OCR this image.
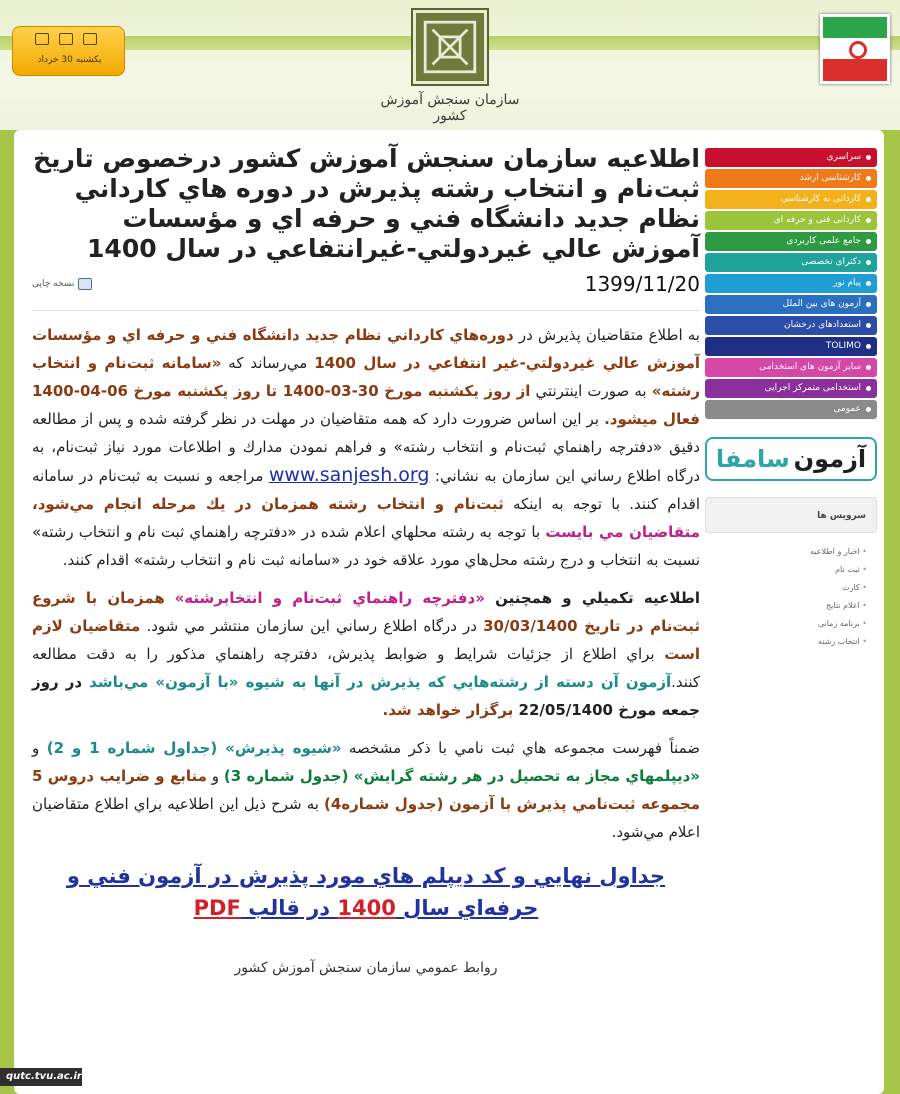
یکشنبه 30 خرداد
سازمان سنجش آموزش کشور
اطلاعيه سازمان سنجش آموزش كشور درخصوص تاريخ ثبت‌نام و انتخاب رشته پذيرش در دوره هاي كارداني نظام جديد دانشگاه فني و حرفه اي و مؤسسات آموزش عالي غيردولتي-غيرانتفاعي در سال 1400
1399/11/20
نسخه چاپی

به اطلاع متقاضيان پذيرش در دوره‌هاي كارداني نظام جديد دانشگاه فني و حرفه اي و مؤسسات آموزش عالي غيردولتي-غير انتفاعي در سال 1400 مي‌رساند كه «سامانه ثبت‌نام و انتخاب رشته» به صورت اينترنتي از روز يكشنبه مورخ 30-03-1400 تا روز يكشنبه مورخ 06-04-1400 فعال ميشود. بر اين اساس ضرورت دارد كه همه متقاضيان در مهلت در نظر گرفته شده و پس از مطالعه دقيق «دفترچه راهنماي ثبت‌نام و انتخاب رشته» و فراهم نمودن مدارك و اطلاعات مورد نياز ثبت‌نام، به درگاه اطلاع رساني اين سازمان به نشاني: www.sanjesh.org مراجعه و نسبت به ثبت‌نام در سامانه اقدام كنند. با توجه به اينكه ثبت‌نام و انتخاب رشته همزمان در يك مرحله انجام مي‌شود، متقاضيان مي بايست با توجه به رشته محلهاي اعلام شده در «دفترچه راهنماي ثبت نام و انتخاب رشته» نسبت به انتخاب و درج رشته محل‌هاي مورد علاقه خود در «سامانه ثبت نام و انتخاب رشته» اقدام كنند.

اطلاعيه تكميلي و همچنين «دفترچه راهنماي ثبت‌نام و انتخابرشته» همزمان با شروع ثبت‌نام در تاريخ 30/03/1400 در درگاه اطلاع رساني اين سازمان منتشر مي شود. متقاضيان لازم است براي اطلاع از جزئيات شرايط و ضوابط پذيرش، دفترچه راهنماي مذكور را به دقت مطالعه كنند.آزمون آن دسته از رشته‌هايي كه پذيرش در آنها به شيوه «با آزمون» مي‌باشد در روز جمعه مورخ 22/05/1400 برگزار خواهد شد.

ضمناً فهرست مجموعه هاي ثبت نامي با ذكر مشخصه «شيوه پذيرش» (جداول شماره 1 و 2) و «ديپلمهاي مجاز به تحصيل در هر رشته گرايش» (جدول شماره 3) و منابع و ضرايب دروس 5 مجموعه ثبت‌نامي پذيرش با آزمون (جدول شماره4) به شرح ذيل اين اطلاعيه براي اطلاع متقاضيان اعلام مي‌شود.

جداول نهايي و كد ديپلم هاي مورد پذيرش در آزمون فني و حرفه‌اي سال 1400 در قالب PDF
روابط عمومي سازمان سنجش آموزش كشور
سراسری
کارشناسی ارشد
کاردانی به کارشناسی
کاردانی فنی و حرفه ای
جامع علمی کاربردی
دکترای تخصصی
پیام نور
آزمون های بین الملل
استعدادهای درخشان
TOLIMO
سایر آزمون های استخدامی
استخدامی متمرکز اجرایی
عمومی
آزمون
سامفا
سرویس ها
• اخبار و اطلاعیه
• ثبت نام
• کارت
• اعلام نتایج
• برنامه زمانی
• انتخاب رشته
qutc.tvu.ac.ir
